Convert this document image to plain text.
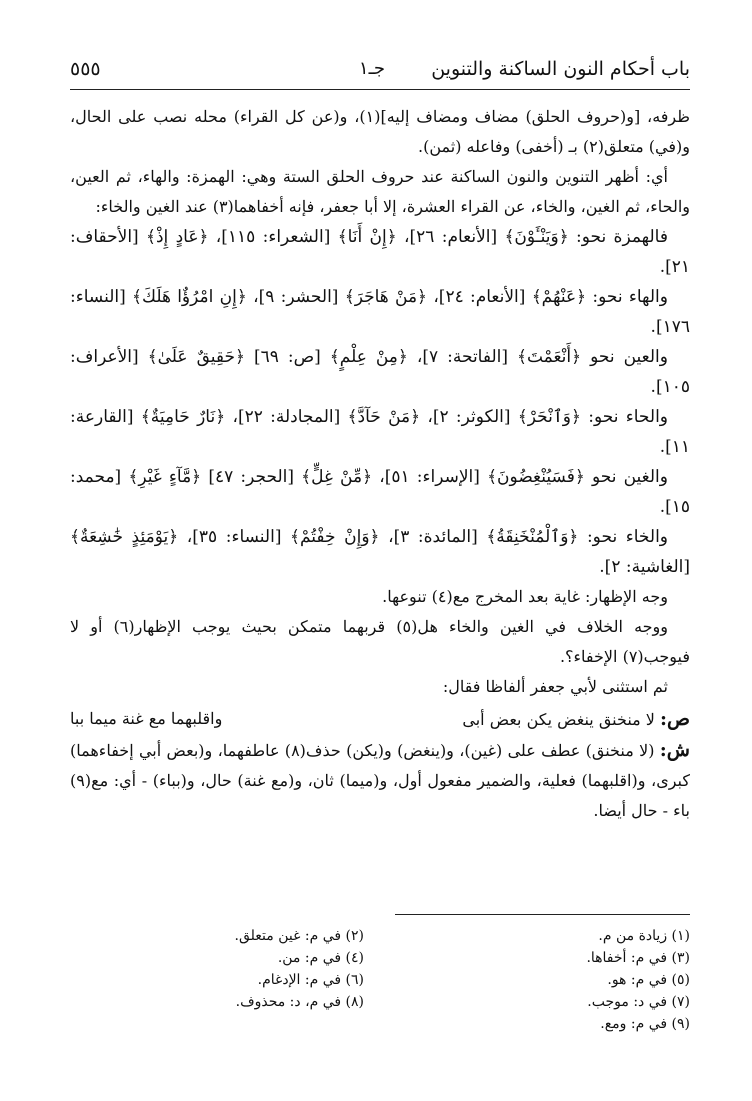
باب أحكام النون الساكنة والتنوين
جـ١
٥٥٥

ظرفه، [و(حروف الحلق) مضاف ومضاف إليه](١)، و(عن كل القراء) محله نصب على الحال، و(في) متعلق(٢) بـ (أخفى) وفاعله (ثمن).

أي: أظهر التنوين والنون الساكنة عند حروف الحلق الستة وهي: الهمزة: والهاء، ثم العين، والحاء، ثم الغين، والخاء، عن القراء العشرة، إلا أبا جعفر، فإنه أخفاهما(٣) عند الغين والخاء:

فالهمزة نحو: ﴿وَيَنْـَٔوْنَ﴾ [الأنعام: ٢٦]، ﴿إِنْ أَنَا﴾ [الشعراء: ١١٥]، ﴿عَادٍ إِذْ﴾ [الأحقاف: ٢١].

والهاء نحو: ﴿عَنْهُمْ﴾ [الأنعام: ٢٤]، ﴿مَنْ هَاجَرَ﴾ [الحشر: ٩]، ﴿إِنِ امْرُؤٌا هَلَكَ﴾ [النساء: ١٧٦].

والعين نحو ﴿أَنْعَمْتَ﴾ [الفاتحة: ٧]، ﴿مِنْ عِلْمٍ﴾ [ص: ٦٩] ﴿حَقِيقٌ عَلَىٰ﴾ [الأعراف: ١٠٥].

والحاء نحو: ﴿وَٱنْحَرْ﴾ [الكوثر: ٢]، ﴿مَنْ حَآدَّ﴾ [المجادلة: ٢٢]، ﴿نَارٌ حَامِيَةٌ﴾ [القارعة: ١١].

والغين نحو ﴿فَسَيُنْغِضُونَ﴾ [الإسراء: ٥١]، ﴿مِّنْ غِلٍّ﴾ [الحجر: ٤٧] ﴿مَّآءٍ غَيْرِ﴾ [محمد: ١٥].

والخاء نحو: ﴿وَٱلْمُنْخَنِقَةُ﴾ [المائدة: ٣]، ﴿وَإِنْ خِفْتُمْ﴾ [النساء: ٣٥]، ﴿يَوْمَئِذٍ خَٰشِعَةٌ﴾ [الغاشية: ٢].

وجه الإظهار: غاية بعد المخرج مع(٤) تنوعها.

ووجه الخلاف في الغين والخاء هل(٥) قربهما متمكن بحيث يوجب الإظهار(٦) أو لا فيوجب(٧) الإخفاء؟.

ثم استثنى لأبي جعفر ألفاظا فقال:

ص: لا منخنق ينغض يكن بعض أبى
واقلبهما مع غنة ميما ببا

ش: (لا منخنق) عطف على (غين)، و(ينغض) و(يكن) حذف(٨) عاطفهما، و(بعض أبي إخفاءهما) كبرى، و(اقلبهما) فعلية، والضمير مفعول أول، و(ميما) ثان، و(مع غنة) حال، و(بباء) - أي: مع(٩) باء - حال أيضا.

(١) زيادة من م.
(٢) في م: غين متعلق.
(٣) في م: أخفاها.
(٤) في م: من.
(٥) في م: هو.
(٦) في م: الإدغام.
(٧) في د: موجب.
(٨) في م، د: محذوف.
(٩) في م: ومع.
